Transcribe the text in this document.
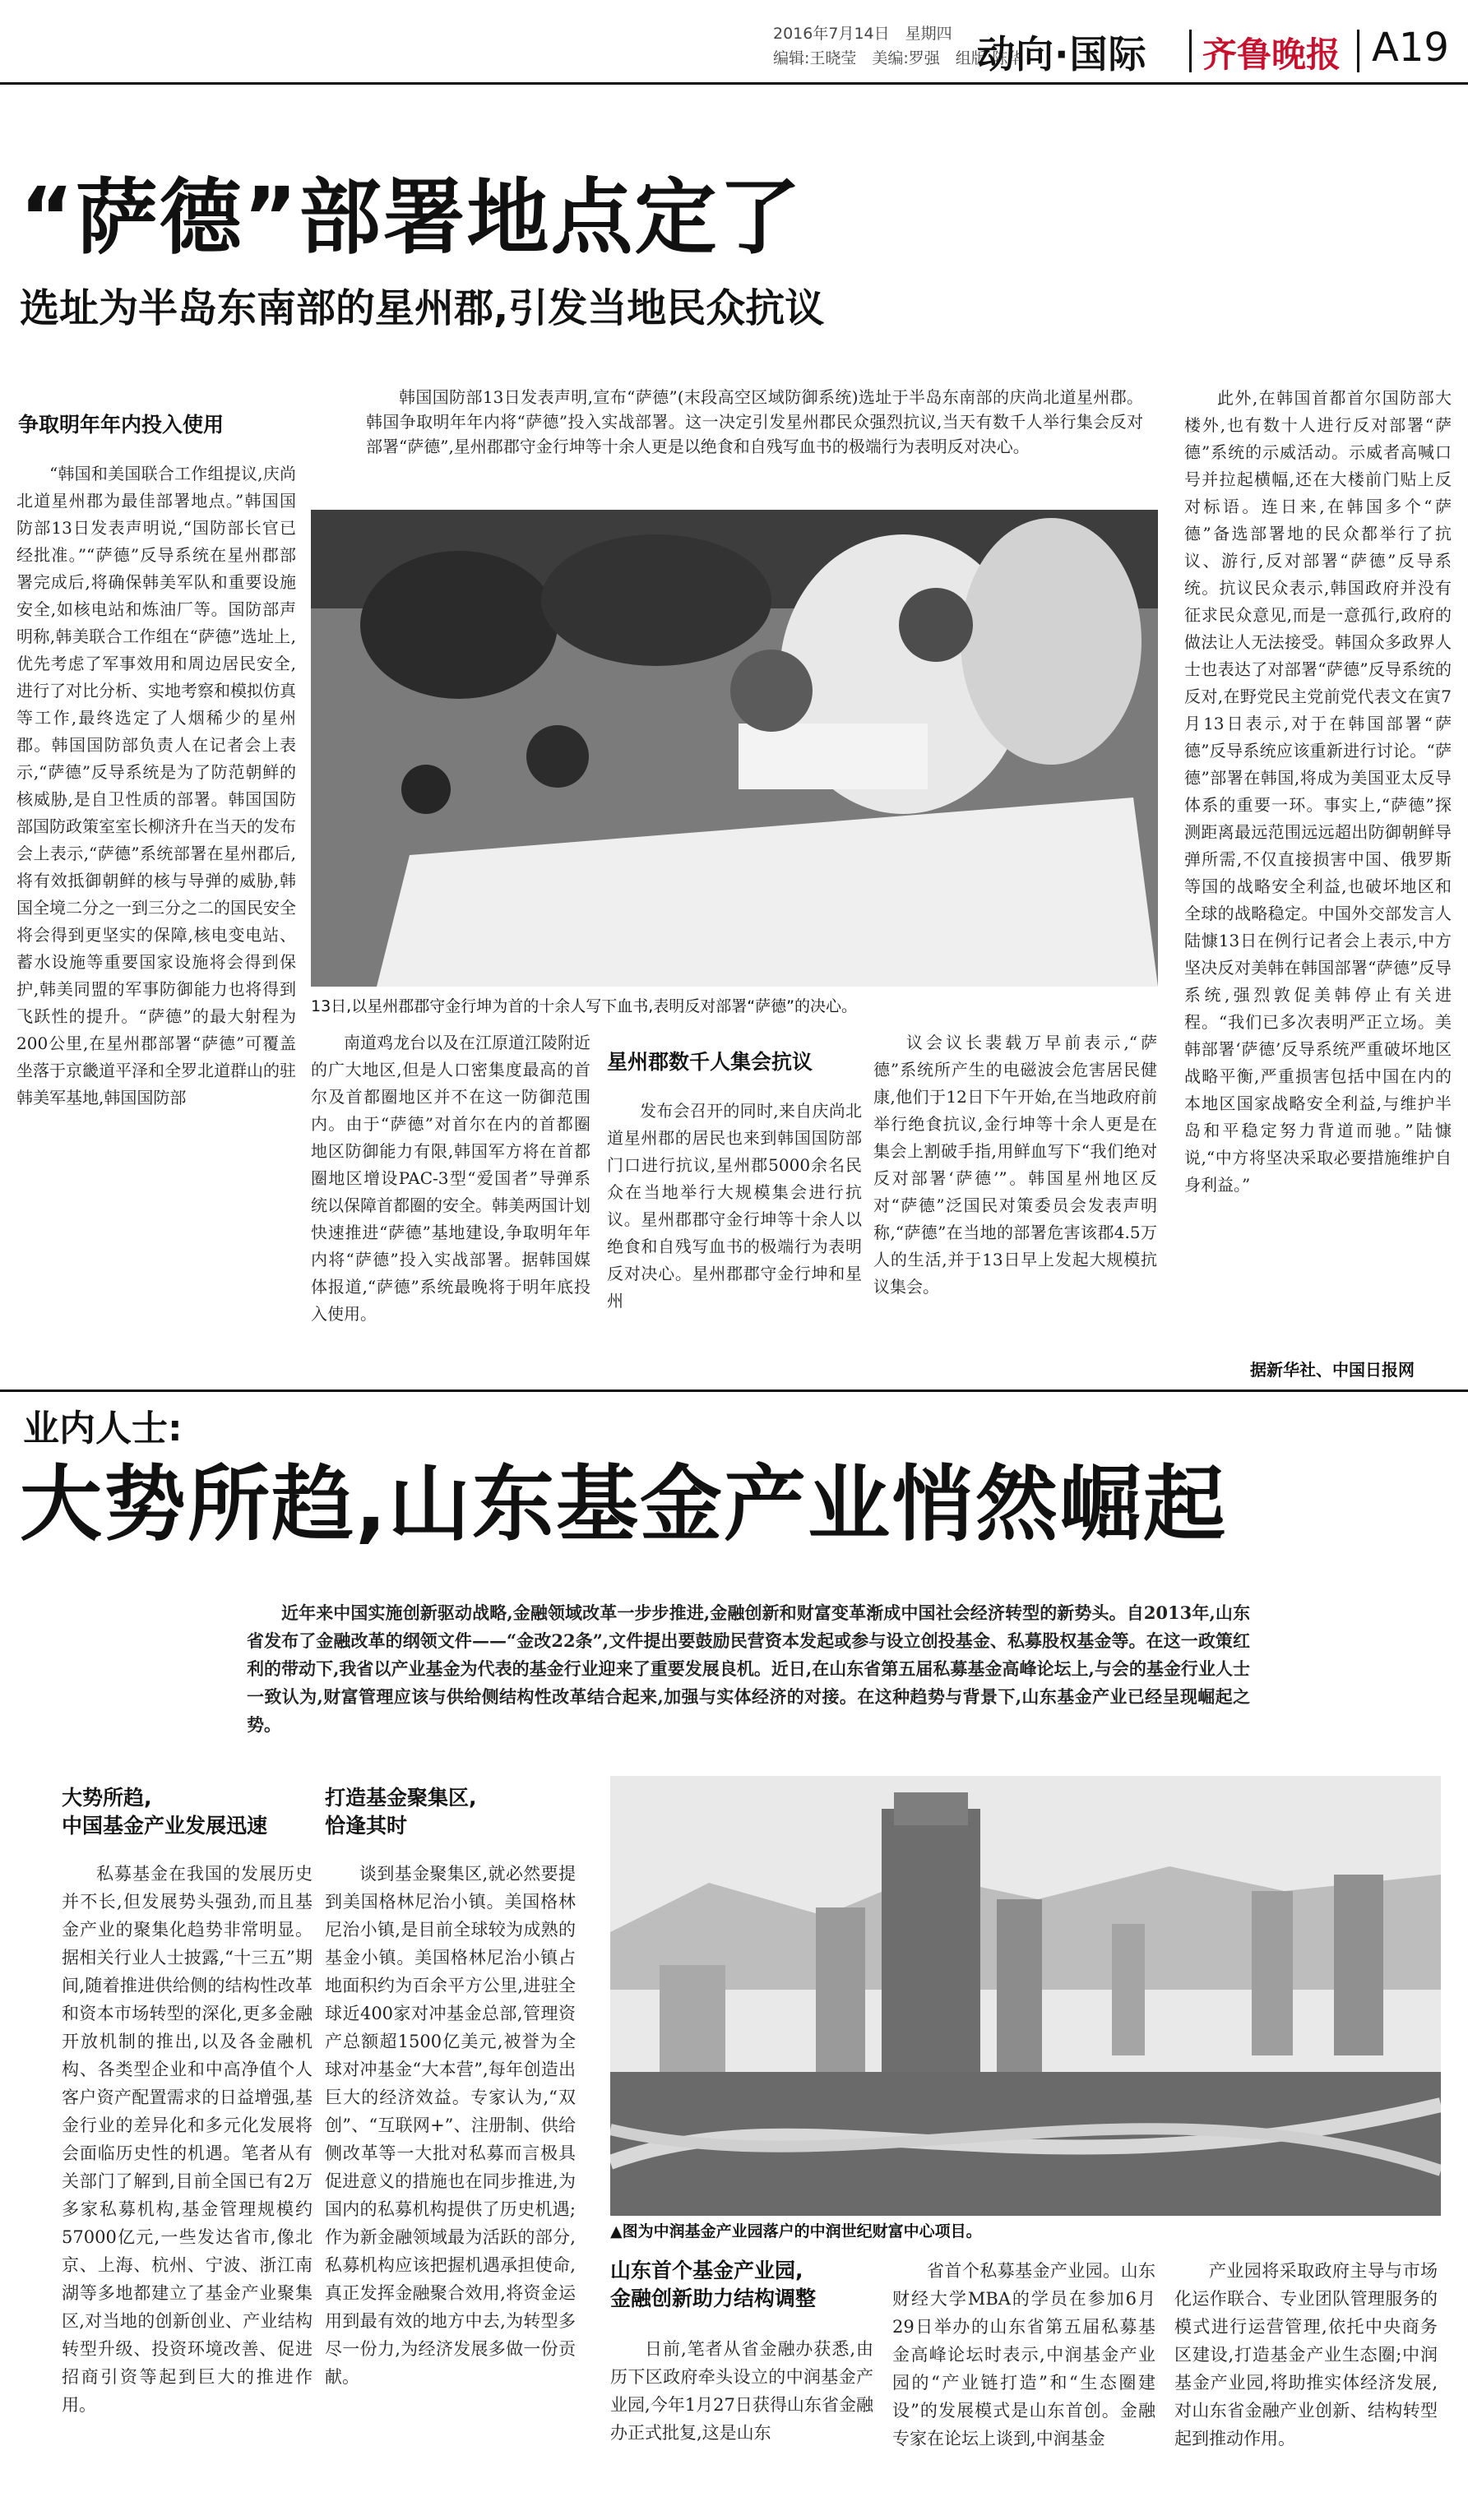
2016年7月14日　星期四
编辑:王晓莹　美编:罗强　组版:陈华
动向·国际 齐鲁晚报 A19
“萨德”部署地点定了
选址为半岛东南部的星州郡,引发当地民众抗议
争取明年年内投入使用

“韩国和美国联合工作组提议,庆尚北道星州郡为最佳部署地点。”韩国国防部13日发表声明说,“国防部长官已经批准。”“萨德”反导系统在星州郡部署完成后,将确保韩美军队和重要设施安全,如核电站和炼油厂等。国防部声明称,韩美联合工作组在“萨德”选址上,优先考虑了军事效用和周边居民安全,进行了对比分析、实地考察和模拟仿真等工作,最终选定了人烟稀少的星州郡。韩国国防部负责人在记者会上表示,“萨德”反导系统是为了防范朝鲜的核威胁,是自卫性质的部署。韩国国防部国防政策室室长柳济升在当天的发布会上表示,“萨德”系统部署在星州郡后,将有效抵御朝鲜的核与导弹的威胁,韩国全境二分之一到三分之二的国民安全将会得到更坚实的保障,核电变电站、蓄水设施等重要国家设施将会得到保护,韩美同盟的军事防御能力也将得到飞跃性的提升。“萨德”的最大射程为200公里,在星州郡部署“萨德”可覆盖坐落于京畿道平泽和全罗北道群山的驻韩美军基地,韩国国防部

韩国国防部13日发表声明,宣布“萨德”(末段高空区域防御系统)选址于半岛东南部的庆尚北道星州郡。韩国争取明年年内将“萨德”投入实战部署。这一决定引发星州郡民众强烈抗议,当天有数千人举行集会反对部署“萨德”,星州郡郡守金行坤等十余人更是以绝食和自残写血书的极端行为表明反对决心。

13日,以星州郡郡守金行坤为首的十余人写下血书,表明反对部署“萨德”的决心。

南道鸡龙台以及在江原道江陵附近的广大地区,但是人口密集度最高的首尔及首都圈地区并不在这一防御范围内。由于“萨德”对首尔在内的首都圈地区防御能力有限,韩国军方将在首都圈地区增设PAC-3型“爱国者”导弹系统以保障首都圈的安全。韩美两国计划快速推进“萨德”基地建设,争取明年年内将“萨德”投入实战部署。据韩国媒体报道,“萨德”系统最晚将于明年底投入使用。

星州郡数千人集会抗议

发布会召开的同时,来自庆尚北道星州郡的居民也来到韩国国防部门口进行抗议,星州郡5000余名民众在当地举行大规模集会进行抗议。星州郡郡守金行坤等十余人以绝食和自残写血书的极端行为表明反对决心。星州郡郡守金行坤和星州

议会议长裴载万早前表示,“萨德”系统所产生的电磁波会危害居民健康,他们于12日下午开始,在当地政府前举行绝食抗议,金行坤等十余人更是在集会上割破手指,用鲜血写下“我们绝对反对部署‘萨德’”。韩国星州地区反对“萨德”泛国民对策委员会发表声明称,“萨德”在当地的部署危害该郡4.5万人的生活,并于13日早上发起大规模抗议集会。

此外,在韩国首都首尔国防部大楼外,也有数十人进行反对部署“萨德”系统的示威活动。示威者高喊口号并拉起横幅,还在大楼前门贴上反对标语。连日来,在韩国多个“萨德”备选部署地的民众都举行了抗议、游行,反对部署“萨德”反导系统。抗议民众表示,韩国政府并没有征求民众意见,而是一意孤行,政府的做法让人无法接受。韩国众多政界人士也表达了对部署“萨德”反导系统的反对,在野党民主党前党代表文在寅7月13日表示,对于在韩国部署“萨德”反导系统应该重新进行讨论。“萨德”部署在韩国,将成为美国亚太反导体系的重要一环。事实上,“萨德”探测距离最远范围远远超出防御朝鲜导弹所需,不仅直接损害中国、俄罗斯等国的战略安全利益,也破坏地区和全球的战略稳定。中国外交部发言人陆慷13日在例行记者会上表示,中方坚决反对美韩在韩国部署“萨德”反导系统,强烈敦促美韩停止有关进程。“我们已多次表明严正立场。美韩部署‘萨德’反导系统严重破坏地区战略平衡,严重损害包括中国在内的本地区国家战略安全利益,与维护半岛和平稳定努力背道而驰。”陆慷说,“中方将坚决采取必要措施维护自身利益。”

据新华社、中国日报网
业内人士:
大势所趋,山东基金产业悄然崛起

近年来中国实施创新驱动战略,金融领域改革一步步推进,金融创新和财富变革渐成中国社会经济转型的新势头。自2013年,山东省发布了金融改革的纲领文件——“金改22条”,文件提出要鼓励民营资本发起或参与设立创投基金、私募股权基金等。在这一政策红利的带动下,我省以产业基金为代表的基金行业迎来了重要发展良机。近日,在山东省第五届私募基金高峰论坛上,与会的基金行业人士一致认为,财富管理应该与供给侧结构性改革结合起来,加强与实体经济的对接。在这种趋势与背景下,山东基金产业已经呈现崛起之势。

大势所趋,
中国基金产业发展迅速

私募基金在我国的发展历史并不长,但发展势头强劲,而且基金产业的聚集化趋势非常明显。据相关行业人士披露,“十三五”期间,随着推进供给侧的结构性改革和资本市场转型的深化,更多金融开放机制的推出,以及各金融机构、各类型企业和中高净值个人客户资产配置需求的日益增强,基金行业的差异化和多元化发展将会面临历史性的机遇。笔者从有关部门了解到,目前全国已有2万多家私募机构,基金管理规模约57000亿元,一些发达省市,像北京、上海、杭州、宁波、浙江南湖等多地都建立了基金产业聚集区,对当地的创新创业、产业结构转型升级、投资环境改善、促进招商引资等起到巨大的推进作用。

打造基金聚集区,
恰逢其时

谈到基金聚集区,就必然要提到美国格林尼治小镇。美国格林尼治小镇,是目前全球较为成熟的基金小镇。美国格林尼治小镇占地面积约为百余平方公里,进驻全球近400家对冲基金总部,管理资产总额超1500亿美元,被誉为全球对冲基金“大本营”,每年创造出巨大的经济效益。专家认为,“双创”、“互联网+”、注册制、供给侧改革等一大批对私募而言极具促进意义的措施也在同步推进,为国内的私募机构提供了历史机遇;作为新金融领域最为活跃的部分,私募机构应该把握机遇承担使命,真正发挥金融聚合效用,将资金运用到最有效的地方中去,为转型多尽一份力,为经济发展多做一份贡献。

▲图为中润基金产业园落户的中润世纪财富中心项目。
山东首个基金产业园,
金融创新助力结构调整

日前,笔者从省金融办获悉,由历下区政府牵头设立的中润基金产业园,今年1月27日获得山东省金融办正式批复,这是山东

省首个私募基金产业园。山东财经大学MBA的学员在参加6月29日举办的山东省第五届私募基金高峰论坛时表示,中润基金产业园的“产业链打造”和“生态圈建设”的发展模式是山东首创。金融专家在论坛上谈到,中润基金

产业园将采取政府主导与市场化运作联合、专业团队管理服务的模式进行运营管理,依托中央商务区建设,打造基金产业生态圈;中润基金产业园,将助推实体经济发展,对山东省金融产业创新、结构转型起到推动作用。
